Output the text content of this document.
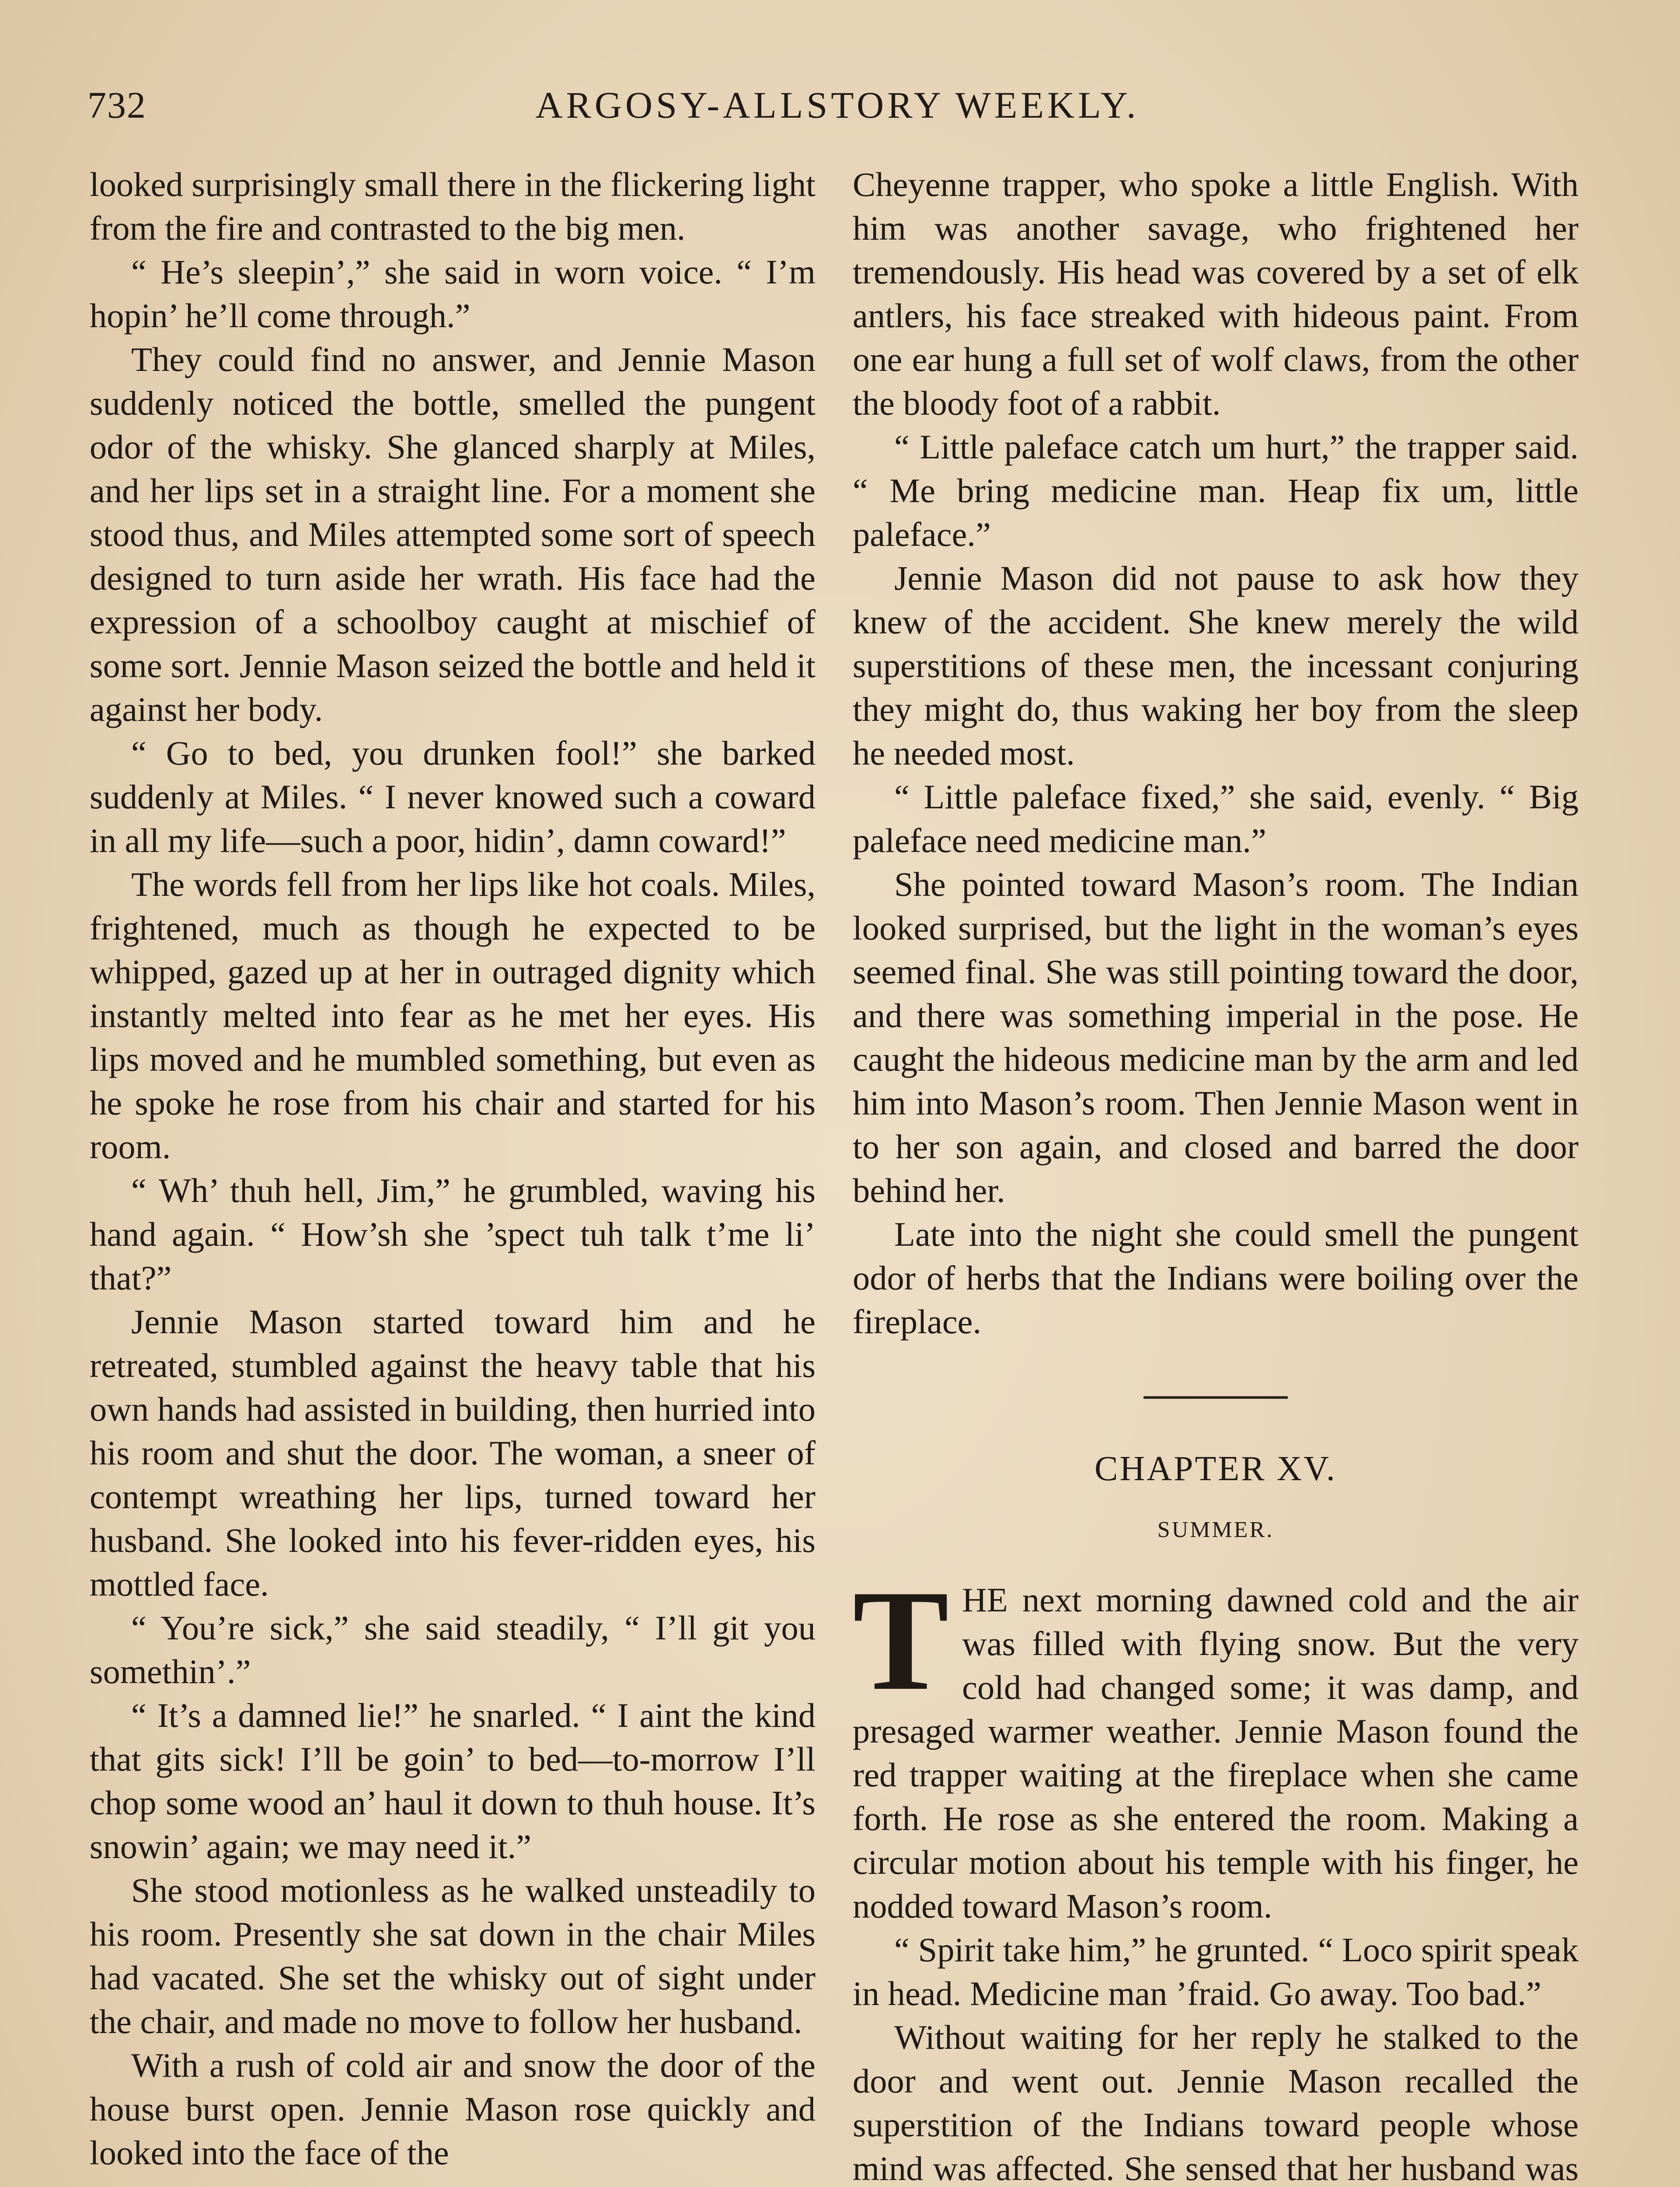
732	ARGOSY-ALLSTORY WEEKLY.

looked surprisingly small there in the flickering light from the fire and contrasted to the big men.

“ He’s sleepin’,” she said in worn voice. “ I’m hopin’ he’ll come through.”

They could find no answer, and Jennie Mason suddenly noticed the bottle, smelled the pungent odor of the whisky. She glanced sharply at Miles, and her lips set in a straight line. For a moment she stood thus, and Miles attempted some sort of speech designed to turn aside her wrath. His face had the expression of a schoolboy caught at mischief of some sort. Jennie Mason seized the bottle and held it against her body.

“ Go to bed, you drunken fool!” she barked suddenly at Miles. “ I never knowed such a coward in all my life—such a poor, hidin’, damn coward!”

The words fell from her lips like hot coals. Miles, frightened, much as though he expected to be whipped, gazed up at her in outraged dignity which instantly melted into fear as he met her eyes. His lips moved and he mumbled something, but even as he spoke he rose from his chair and started for his room.

“ Wh’ thuh hell, Jim,” he grumbled, waving his hand again. “ How’sh she ’spect tuh talk t’me li’ that?”

Jennie Mason started toward him and he retreated, stumbled against the heavy table that his own hands had assisted in building, then hurried into his room and shut the door. The woman, a sneer of contempt wreathing her lips, turned toward her husband. She looked into his fever-ridden eyes, his mottled face.

“ You’re sick,” she said steadily, “ I’ll git you somethin’.”

“ It’s a damned lie!” he snarled. “ I aint the kind that gits sick! I’ll be goin’ to bed—to-morrow I’ll chop some wood an’ haul it down to thuh house. It’s snowin’ again; we may need it.”

She stood motionless as he walked unsteadily to his room. Presently she sat down in the chair Miles had vacated. She set the whisky out of sight under the chair, and made no move to follow her husband.

With a rush of cold air and snow the door of the house burst open. Jennie Mason rose quickly and looked into the face of the

Cheyenne trapper, who spoke a little English. With him was another savage, who frightened her tremendously. His head was covered by a set of elk antlers, his face streaked with hideous paint. From one ear hung a full set of wolf claws, from the other the bloody foot of a rabbit.

“ Little paleface catch um hurt,” the trapper said. “ Me bring medicine man. Heap fix um, little paleface.”

Jennie Mason did not pause to ask how they knew of the accident. She knew merely the wild superstitions of these men, the incessant conjuring they might do, thus waking her boy from the sleep he needed most.

“ Little paleface fixed,” she said, evenly. “ Big paleface need medicine man.”

She pointed toward Mason’s room. The Indian looked surprised, but the light in the woman’s eyes seemed final. She was still pointing toward the door, and there was something imperial in the pose. He caught the hideous medicine man by the arm and led him into Mason’s room. Then Jennie Mason went in to her son again, and closed and barred the door behind her.

Late into the night she could smell the pungent odor of herbs that the Indians were boiling over the fireplace.

CHAPTER XV.
SUMMER.

THE next morning dawned cold and the air was filled with flying snow. But the very cold had changed some; it was damp, and presaged warmer weather. Jennie Mason found the red trapper waiting at the fireplace when she came forth. He rose as she entered the room. Making a circular motion about his temple with his finger, he nodded toward Mason’s room.

“ Spirit take him,” he grunted. “ Loco spirit speak in head. Medicine man ’fraid. Go away. Too bad.”

Without waiting for her reply he stalked to the door and went out. Jennie Mason recalled the superstition of the Indians toward people whose mind was affected. She sensed that her husband was
